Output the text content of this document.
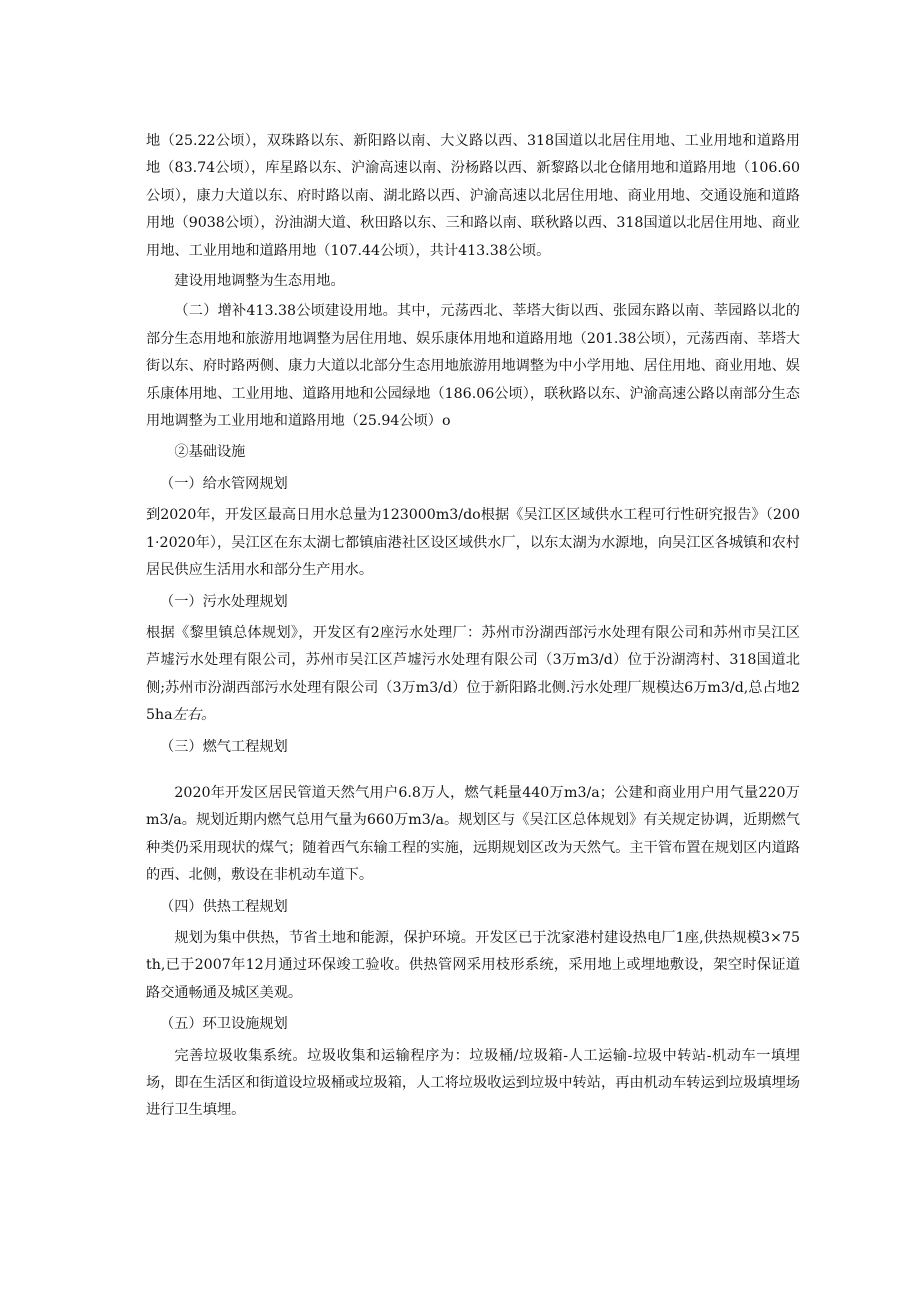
地（25.22公顷），双珠路以东、新阳路以南、大义路以西、318国道以北居住用地、工业用地和道路用地（83.74公顷），库星路以东、沪渝高速以南、汾杨路以西、新黎路以北仓储用地和道路用地（106.60公顷），康力大道以东、府时路以南、湖北路以西、沪渝高速以北居住用地、商业用地、交通设施和道路用地（9038公顷），汾油湖大道、秋田路以东、三和路以南、联秋路以西、318国道以北居住用地、商业用地、工业用地和道路用地（107.44公顷），共计413.38公顷。

建设用地调整为生态用地。

（二）增补413.38公顷建设用地。其中，元荡西北、莘塔大街以西、张园东路以南、莘园路以北的部分生态用地和旅游用地调整为居住用地、娱乐康体用地和道路用地（201.38公顷），元荡西南、莘塔大街以东、府时路两侧、康力大道以北部分生态用地旅游用地调整为中小学用地、居住用地、商业用地、娱乐康体用地、工业用地、道路用地和公园绿地（186.06公顷），联秋路以东、沪渝高速公路以南部分生态用地调整为工业用地和道路用地（25.94公顷）o

②基础设施

（一）给水管网规划

到2020年，开发区最高日用水总量为123000m3/do根据《吴江区区域供水工程可行性研究报告》（2001·2020年），吴江区在东太湖七都镇庙港社区设区域供水厂，以东太湖为水源地，向吴江区各城镇和农村居民供应生活用水和部分生产用水。

（一）污水处理规划

根据《黎里镇总体规划》，开发区有2座污水处理厂：苏州市汾湖西部污水处理有限公司和苏州市吴江区芦墟污水处理有限公司，苏州市吴江区芦墟污水处理有限公司（3万m3/d）位于汾湖湾村、318国道北侧;苏州市汾湖西部污水处理有限公司（3万m3/d）位于新阳路北侧.污水处理厂规模达6万m3/d,总占地25ha左右。

（三）燃气工程规划

2020年开发区居民管道天然气用户6.8万人，燃气耗量440万m3/a；公建和商业用户用气量220万m3/a。规划近期内燃气总用气量为660万m3/a。规划区与《吴江区总体规划》有关规定协调，近期燃气种类仍采用现状的煤气；随着西气东输工程的实施，远期规划区改为天然气。主干管布置在规划区内道路的西、北侧，敷设在非机动车道下。

（四）供热工程规划

规划为集中供热，节省土地和能源，保护环境。开发区已于沈家港村建设热电厂1座,供热规模3×75th,已于2007年12月通过环保竣工验收。供热管网采用枝形系统，采用地上或埋地敷设，架空时保证道路交通畅通及城区美观。

（五）环卫设施规划

完善垃圾收集系统。垃圾收集和运输程序为：垃圾桶/垃圾箱-人工运输-垃圾中转站-机动车一填埋场，即在生活区和街道设垃圾桶或垃圾箱，人工将垃圾收运到垃圾中转站，再由机动车转运到垃圾填埋场进行卫生填埋。
